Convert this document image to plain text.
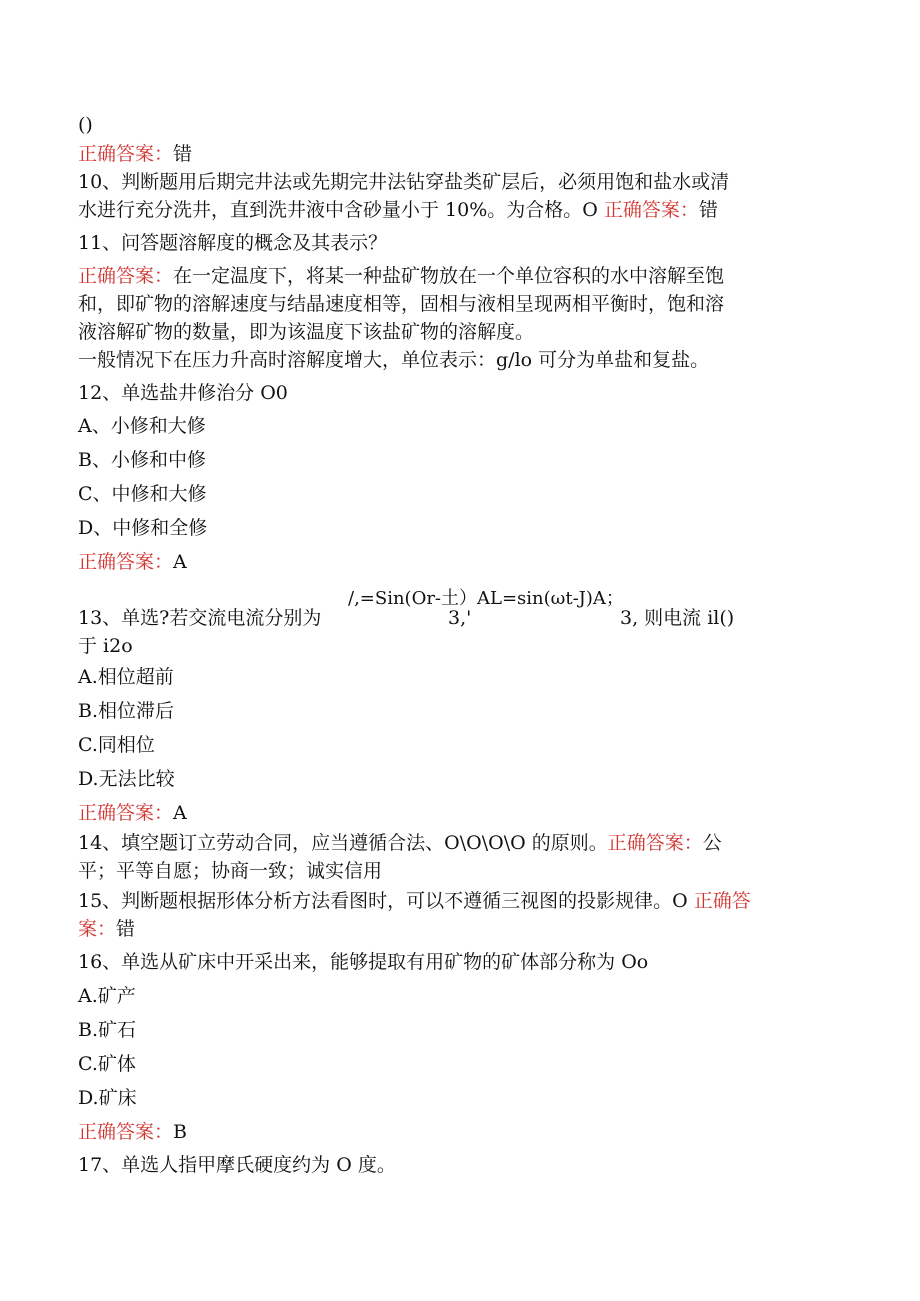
()
正确答案：错
10、判断题用后期完井法或先期完井法钻穿盐类矿层后，必须用饱和盐水或清
水进行充分洗井，直到洗井液中含砂量小于 10%。为合格。O 正确答案：错
11、问答题溶解度的概念及其表示？
正确答案：在一定温度下，将某一种盐矿物放在一个单位容积的水中溶解至饱
和，即矿物的溶解速度与结晶速度相等，固相与液相呈现两相平衡时，饱和溶
液溶解矿物的数量，即为该温度下该盐矿物的溶解度。
一般情况下在压力升高时溶解度增大，单位表示：g/lo 可分为单盐和复盐。
12、单选盐井修治分 O0
A、小修和大修
B、小修和中修
C、中修和大修
D、中修和全修
正确答案：A
/,=Sin(Or-土）AL=sin(ωt-J)A；
13、单选?若交流电流分别为	3,'	3, 则电流 il()
于 i2o
A.相位超前
B.相位滞后
C.同相位
D.无法比较
正确答案：A
14、填空题订立劳动合同，应当遵循合法、O\O\O\O 的原则。正确答案：公
平；平等自愿；协商一致；诚实信用
15、判断题根据形体分析方法看图时，可以不遵循三视图的投影规律。O 正确答
案：错
16、单选从矿床中开采出来，能够提取有用矿物的矿体部分称为 Oo
A.矿产
B.矿石
C.矿体
D.矿床
正确答案：B
17、单选人指甲摩氏硬度约为 O 度。
